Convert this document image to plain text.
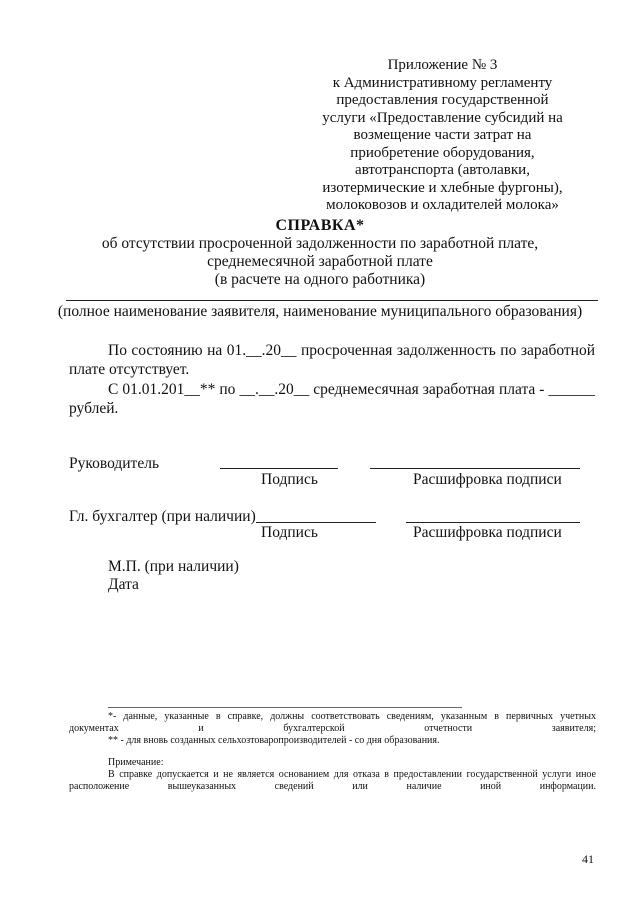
Приложение № 3
к Административному регламенту
предоставления государственной
услуги «Предоставление субсидий на
возмещение части затрат на
приобретение оборудования,
автотранспорта (автолавки,
изотермические и хлебные фургоны),
молоковозов и охладителей молока»
СПРАВКА*
об отсутствии просроченной задолженности по заработной плате,
среднемесячной заработной плате
(в расчете на одного работника)
(полное наименование заявителя, наименование муниципального образования)
По состоянию на 01.__.20__ просроченная задолженность по заработной
плате отсутствует.
С 01.01.201__** по __.__.20__ среднемесячная заработная плата - ______
рублей.
Руководитель
Подпись	Расшифровка подписи
Гл. бухгалтер (при наличии)
Подпись	Расшифровка подписи
М.П. (при наличии)
Дата
*- данные, указанные в справке, должны соответствовать сведениям, указанным в первичных учетных документах и бухгалтерской отчетности заявителя;
** - для вновь созданных сельхозтоваропроизводителей - со дня образования.
Примечание:
В справке допускается и не является основанием для отказа в предоставлении государственной услуги иное расположение вышеуказанных сведений или наличие иной информации.
41
